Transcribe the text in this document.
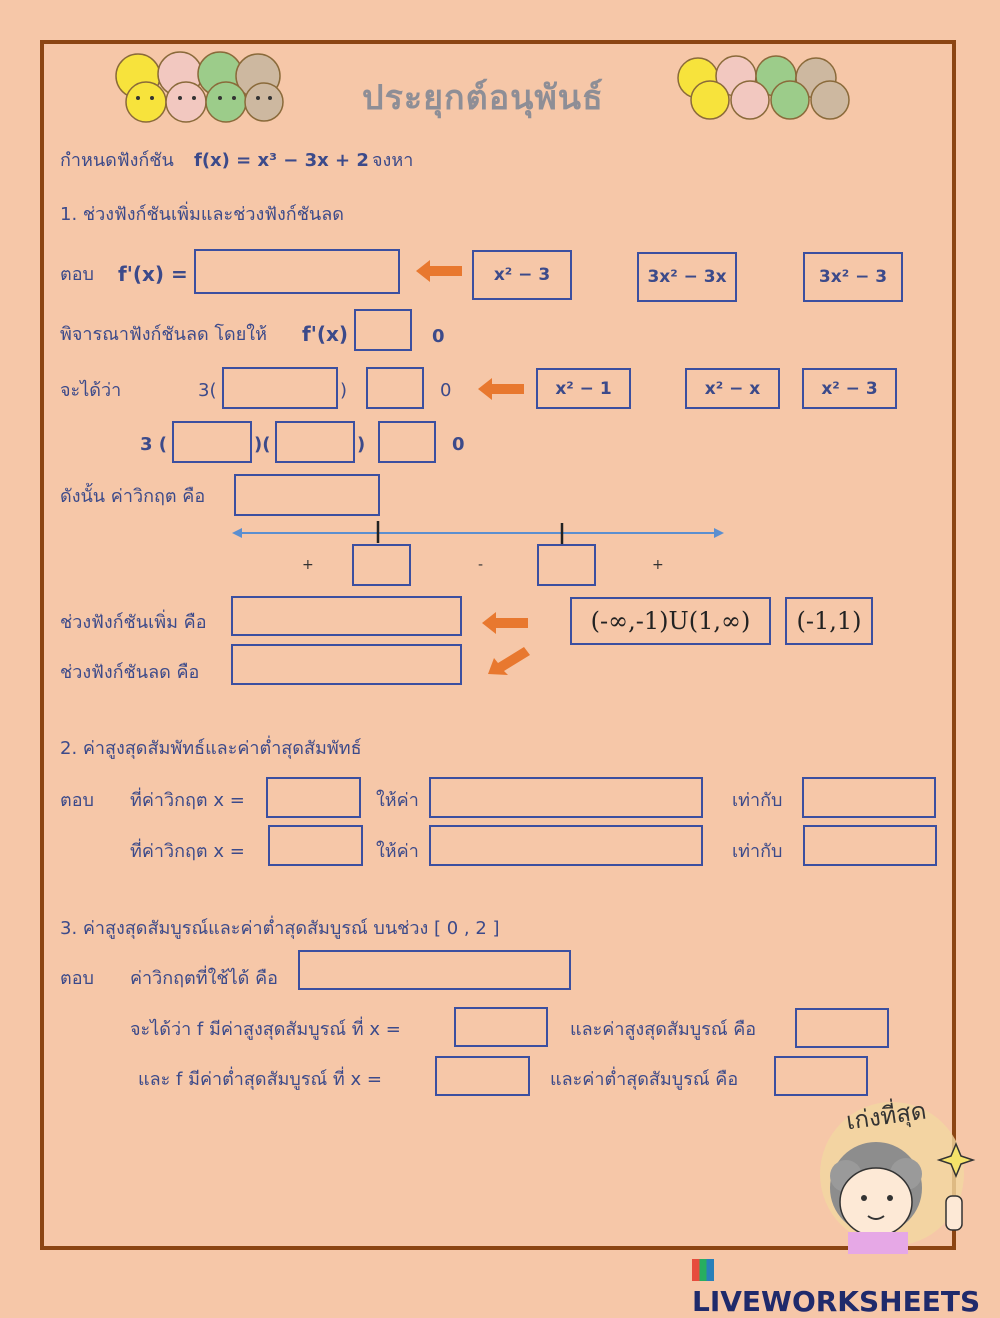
ประยุกต์อนุพันธ์
กำหนดฟังก์ชัน f(x) = x³ − 3x + 2 จงหา
1. ช่วงฟังก์ชันเพิ่มและช่วงฟังก์ชันลด
ตอบ f'(x) =	x² − 3	3x² − 3x	3x² − 3
พิจารณาฟังก์ชันลด โดยให้ f'(x)	0
จะได้ว่า	3(	)	0	x² − 1	x² − x	x² − 3
3 (	)(	)	0
ดังนั้น ค่าวิกฤต คือ
+	-	+
ช่วงฟังก์ชันเพิ่ม คือ
ช่วงฟังก์ชันลด คือ
(-∞,-1)U(1,∞)	(-1,1)
2. ค่าสูงสุดสัมพัทธ์และค่าต่ำสุดสัมพัทธ์
ตอบ ที่ค่าวิกฤต x =	ให้ค่า	เท่ากับ
ที่ค่าวิกฤต x =	ให้ค่า	เท่ากับ
3. ค่าสูงสุดสัมบูรณ์และค่าต่ำสุดสัมบูรณ์ บนช่วง [ 0 , 2 ]
ตอบ ค่าวิกฤตที่ใช้ได้ คือ
จะได้ว่า f มีค่าสูงสุดสัมบูรณ์ ที่ x =	และค่าสูงสุดสัมบูรณ์ คือ
และ f มีค่าต่ำสุดสัมบูรณ์ ที่ x =	และค่าต่ำสุดสัมบูรณ์ คือ
เก่งที่สุด
LIVEWORKSHEETS
